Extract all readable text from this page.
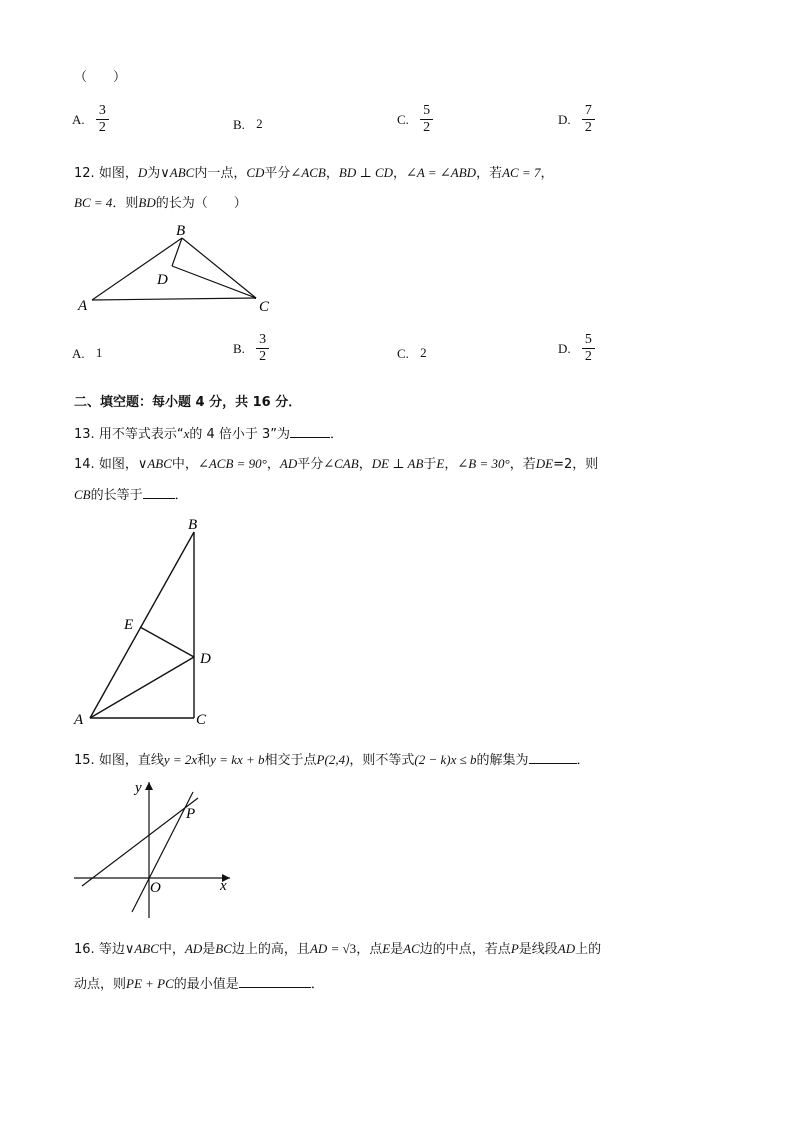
（　　）
A. $\frac{3}{2}$	B. 2	C. $\frac{5}{2}$	D. $\frac{7}{2}$
12. 如图，D为∨ABC内一点，CD平分∠ACB，BD ⊥ CD，∠A = ∠ABD，若AC = 7，
BC = 4．则BD的长为（　　）
B
A	C
D
A. 1	B. $\frac{3}{2}$	C. 2	D. $\frac{5}{2}$
二、填空题：每小题 4 分，共 16 分．
13. 用不等式表示“x的 4 倍小于 3”为	．
14. 如图，∨ABC中，∠ACB = 90°，AD平分∠CAB，DE ⊥ AB于E，∠B = 30°，若DE=2，则
CB的长等于 ．
B
E
D
A	C
15. 如图，直线y = 2x和y = kx + b相交于点P(2,4)，则不等式(2 − k)x ≤ b的解集为	．
x
y
O
P
16. 等边∨ABC中，AD是BC边上的高，且AD = √3，点E是AC边的中点，若点P是线段AD上的
动点，则PE + PC的最小值是	．
